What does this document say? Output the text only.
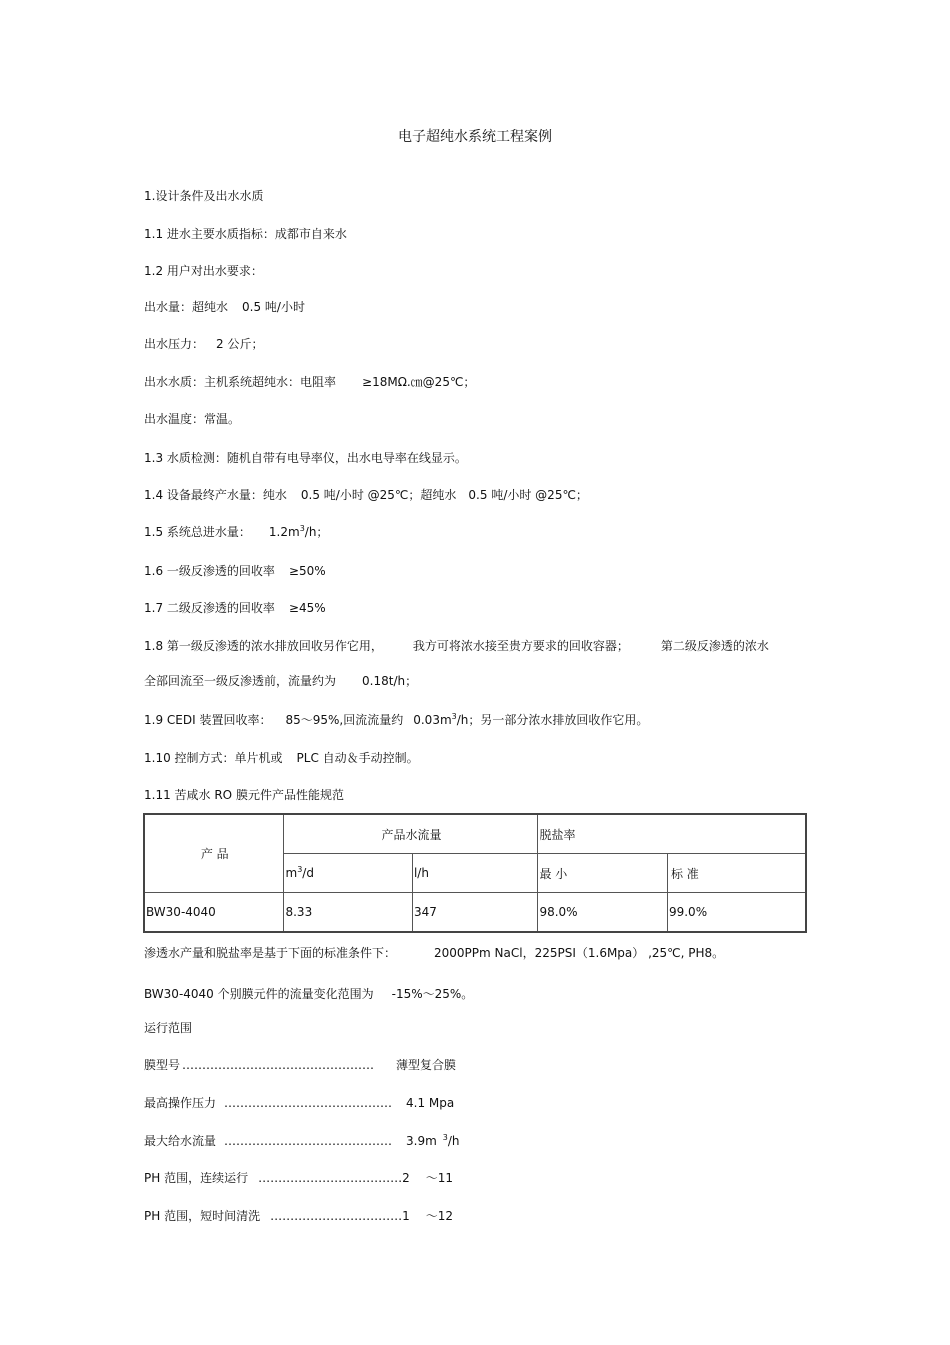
电子超纯水系统工程案例
1.设计条件及出水水质
1.1 进水主要水质指标：成都市自来水
1.2 用户对出水要求：
出水量：超纯水 0.5 吨/小时
出水压力： 2 公斤；
出水水质：主机系统超纯水：电阻率 ≥18MΩ.㎝@25℃；
出水温度：常温。
1.3 水质检测：随机自带有电导率仪，出水电导率在线显示。
1.4 设备最终产水量：纯水 0.5 吨/小时 @25℃；超纯水 0.5 吨/小时 @25℃；
1.5 系统总进水量： $1.2m^3/h$；
1.6 一级反渗透的回收率 ≥50%
1.7 二级反渗透的回收率 ≥45%
1.8 第一级反渗透的浓水排放回收另作它用，	我方可将浓水接至贵方要求的回收容器；	第二级反渗透的浓水
全部回流至一级反渗透前，流量约为 0.18t/h；
1.9 CEDI 装置回收率： 85～95%,回流流量约 $0.03m^3/h$；另一部分浓水排放回收作它用。
1.10 控制方式：单片机或 PLC 自动＆手动控制。
1.11 苦咸水 RO 膜元件产品性能规范
产 品	产品水流量		脱盐率	
	$m^3/d$	l/h	最 小	标 准
BW30-4040	8.33	347	98.0%	99.0%
渗透水产量和脱盐率是基于下面的标准条件下：	2000PPm NaCl，225PSI（1.6Mpa） ,25℃, PH8。
BW30-4040 个别膜元件的流量变化范围为 -15%～25%。
运行范围
膜型号 ………………………………………… 薄型复合膜
最高操作压力 …………………………………… 4.1 Mpa
最大给水流量 …………………………………… 3.9m $^3$/h
PH 范围，连续运行 ………………………………2 ～11
PH 范围，短时间清洗 ……………………………1 ～12
